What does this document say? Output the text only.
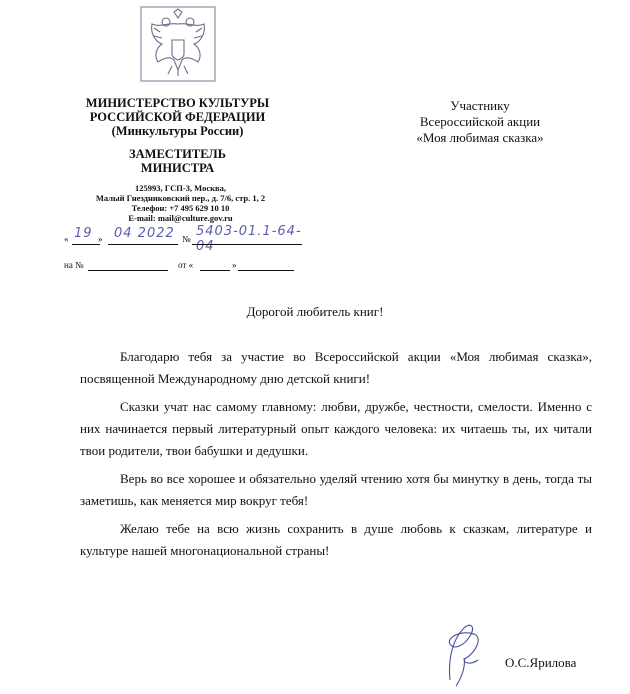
МИНИСТЕРСТВО КУЛЬТУРЫ
РОССИЙСКОЙ ФЕДЕРАЦИИ
(Минкультуры России)
ЗАМЕСТИТЕЛЬ
МИНИСТРА
125993, ГСП-3, Москва,
Малый Гнездниковский пер., д. 7/6, стр. 1, 2
Телефон: +7 495 629 10 10
E-mail: mail@culture.gov.ru
« 19 » 04 2022 № 5403-01.1-64-04
на №	от «	»
Участнику
Всероссийской акции
«Моя любимая сказка»
Дорогой любитель книг!

Благодарю тебя за участие во Всероссийской акции «Моя любимая сказка», посвященной Международному дню детской книги!

Сказки учат нас самому главному: любви, дружбе, честности, смелости. Именно с них начинается первый литературный опыт каждого человека: их читаешь ты, их читали твои родители, твои бабушки и дедушки.

Верь во все хорошее и обязательно уделяй чтению хотя бы минутку в день, тогда ты заметишь, как меняется мир вокруг тебя!

Желаю тебе на всю жизнь сохранить в душе любовь к сказкам, литературе и культуре нашей многонациональной страны!

О.С.Ярилова
